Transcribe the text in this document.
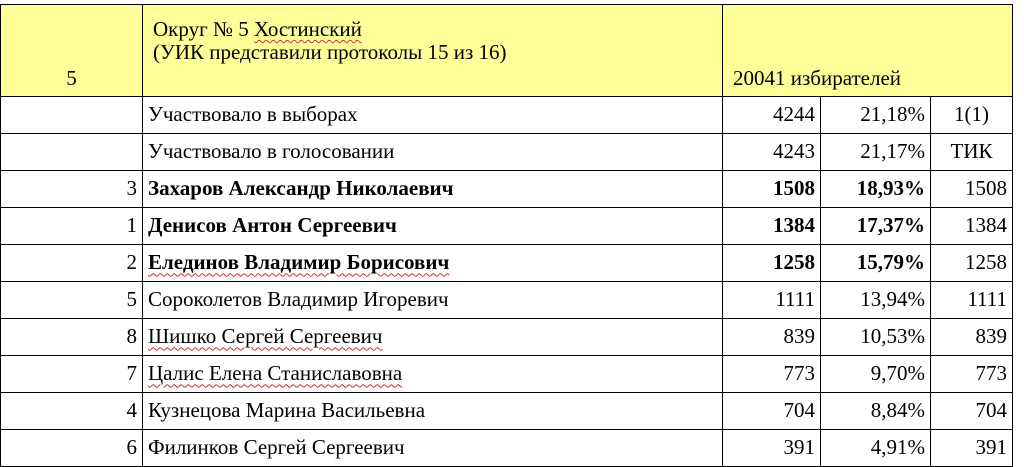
5	Округ № 5 Хостинский
(УИК представили протоколы 15 из 16)	20041 избирателей		
	Участвовало в выборах	4244	21,18%	1(1)
	Участвовало в голосовании	4243	21,17%	ТИК
3	Захаров Александр Николаевич	1508	18,93%	1508
1	Денисов Антон Сергеевич	1384	17,37%	1384
2	Елединов Владимир Борисович	1258	15,79%	1258
5	Сороколетов Владимир Игоревич	1111	13,94%	1111
8	Шишко Сергей Сергеевич	839	10,53%	839
7	Цалис Елена Станиславовна	773	9,70%	773
4	Кузнецова Марина Васильевна	704	8,84%	704
6	Филинков Сергей Сергеевич	391	4,91%	391
